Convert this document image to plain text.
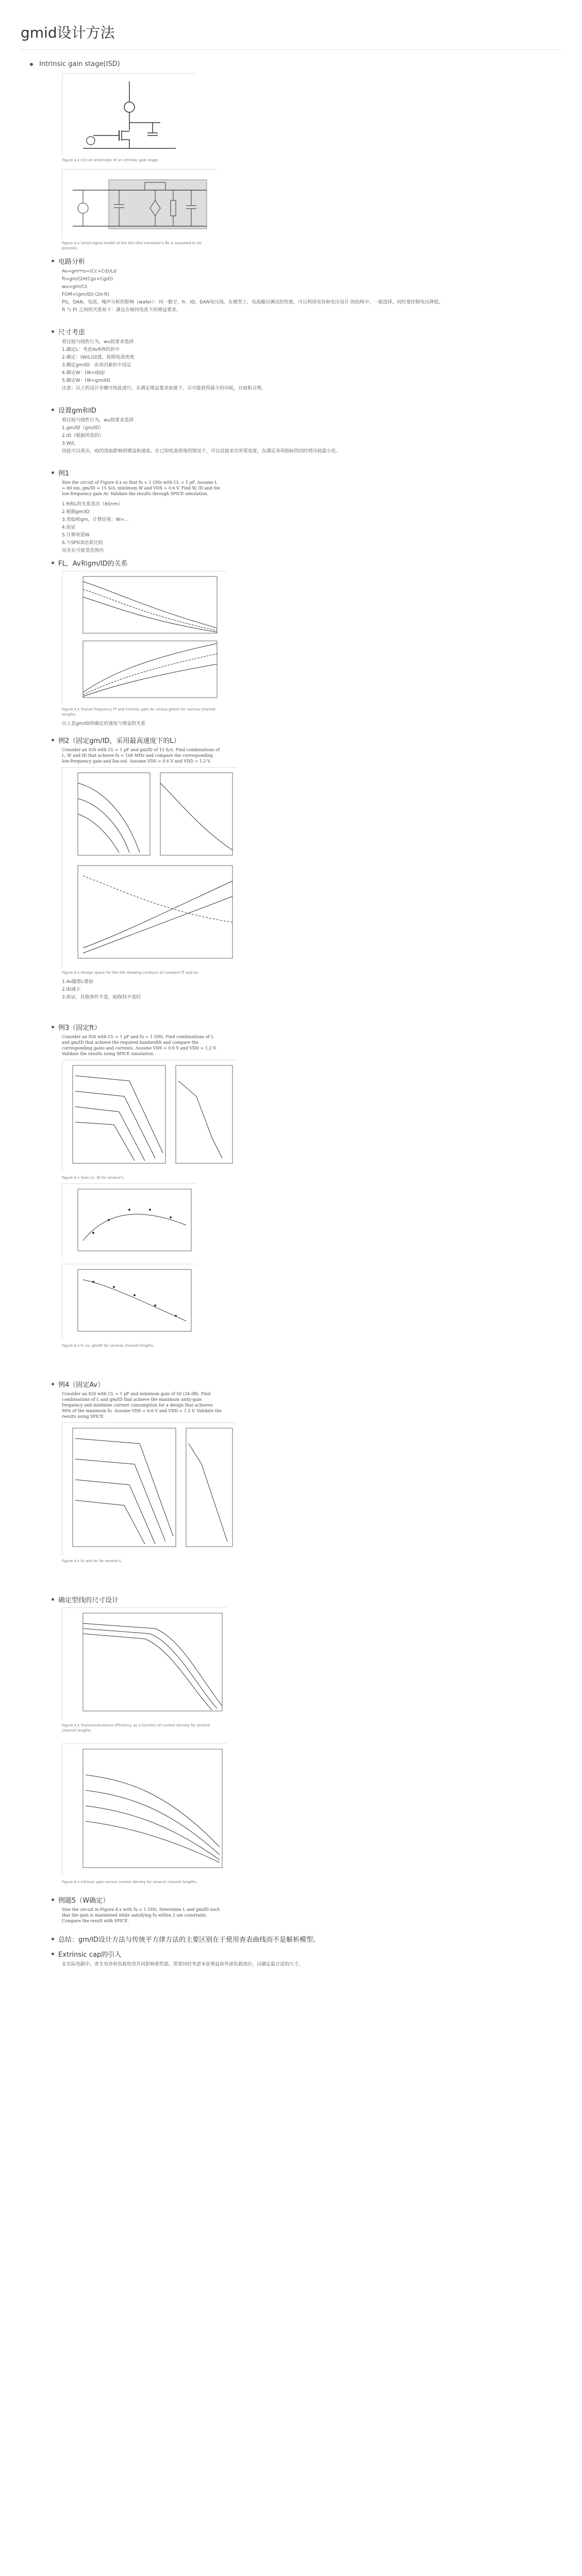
gmid设计方法
Intrinsic gain stage(ISD)
Figure 4.x Circuit schematic of an intrinsic gain stage.
Figure 4.x Small-signal model of the IGS (the transistor's Ro is assumed to be present).
电路分析
Av=gm*ro=(Cc+Cd)/Ld
ft=gm/(2π(Cgs+Cgd))
wu=gm/Cs
FOM=(gm/ID)·(2π·ft)
PG，DAN，电流。噪声分析的影响（wafer）：同一数字，fr，ID，DAN电压线，在模型上，电流输出测试的性能，可以利用电容和电压设计 的结构中，一般选择，同时要控制电压降低。
ft 与 Ft 之间的关系如下：满足在相同电流下的增益要求。
尺寸考虑
看比较与线性行为，wu按要求选择
1.确定L：考虑Av和ft的折中
2.确定：(W/L)设置，按照电流密度
3.确定gm/ID：由各因素折中设定
4.确定W：(W=ID/J)
5.确定W：(W=gm/Id)
注意：以上的设计步骤可按此进行，在满足增益要求前提下，尽可能获得最小的功耗，且面积合理。
设置gm和ID
看比较与线性行为，wu按要求选择
1.gm/ID（gm/ID）
2.ID（根据所需的）
3.W/L
因此可以看出，ID的选取影响到增益和速度。在已知电流密度的情况下，可以直接求出所需宽度，在满足各项指标的同时使功耗最小化。
例1
Size the circuit of Figure 4.x so that fu = 1 GHz with CL = 1 pF. Assume L = 60 nm, gm/ID = 15 S/A, minimum W and VDS = 0.6 V. Find W, ID and the low-frequency gain Av. Validate the results through SPICE simulation.
1.ft和L的关系选出（60nm）
2.根据gm/ID
3.查ID和gm，计算结果：W=...
4.验证
5.计算所需W
6.与SPICE结果比较
误差在可接受范围内
FL，Av和gm/ID的关系
Figure 4.x Transit frequency fT and intrinsic gain Av versus gm/ID for various channel lengths.
以上是gm/ID所确定的速度与增益的关系
例2（固定gm/ID，采用最高速度下的L）
Consider an IGS with CL = 1 pF and gm/ID of 15 S/A. Find combinations of L, W and ID that achieve fu = 100 MHz and compare the corresponding low-frequency gain and fan-out. Assume VDS = 0.6 V and VDD = 1.2 V.
Figure 4.x Design space for the IGS showing contours of constant fT and Av.
1.Av随着L增加
2.ID减小
3.验证，其他条件不变，ID保持不变时
例3（固定ft）
Consider an IGS with CL = 1 pF and fu = 1 GHz. Find combinations of L and gm/ID that achieve the required bandwidth and compare the corresponding gains and currents. Assume VDS = 0.6 V and VDD = 1.2 V. Validate the results using SPICE simulation.
Figure 4.x Gain vs. ID for several L.
Figure 4.x fu vs. gm/ID for several channel lengths.
例4（固定Av）
Consider an IGS with CL = 1 pF and minimum gain of 50 (34 dB). Find combinations of L and gm/ID that achieve the maximum unity-gain frequency and minimize current consumption for a design that achieves 90% of the maximum fu. Assume VDS = 0.6 V and VDD = 1.2 V. Validate the results using SPICE.
Figure 4.x fu and Av for several L.
确定型线的尺寸设计
Figure 4.x Transconductance efficiency as a function of current density for several channel lengths.
Figure 4.x Intrinsic gain versus current density for several channel lengths.
例题5（W确定）
Size the circuit in Figure 4.x with fu = 1 GHz. Determine L and gm/ID such that the gain is maximized while satisfying fu within 2 um constraint. Compare the result with SPICE.
总结：gm/ID设计方法与传统平方律方法的主要区别在于使用查表曲线而不是解析模型。
Extrinsic cap的引入
在实际电路中，寄生电容和负载电容共同影响着性能。需要同时考虑本征增益和外部负载效应，以确定最合适的尺寸。
